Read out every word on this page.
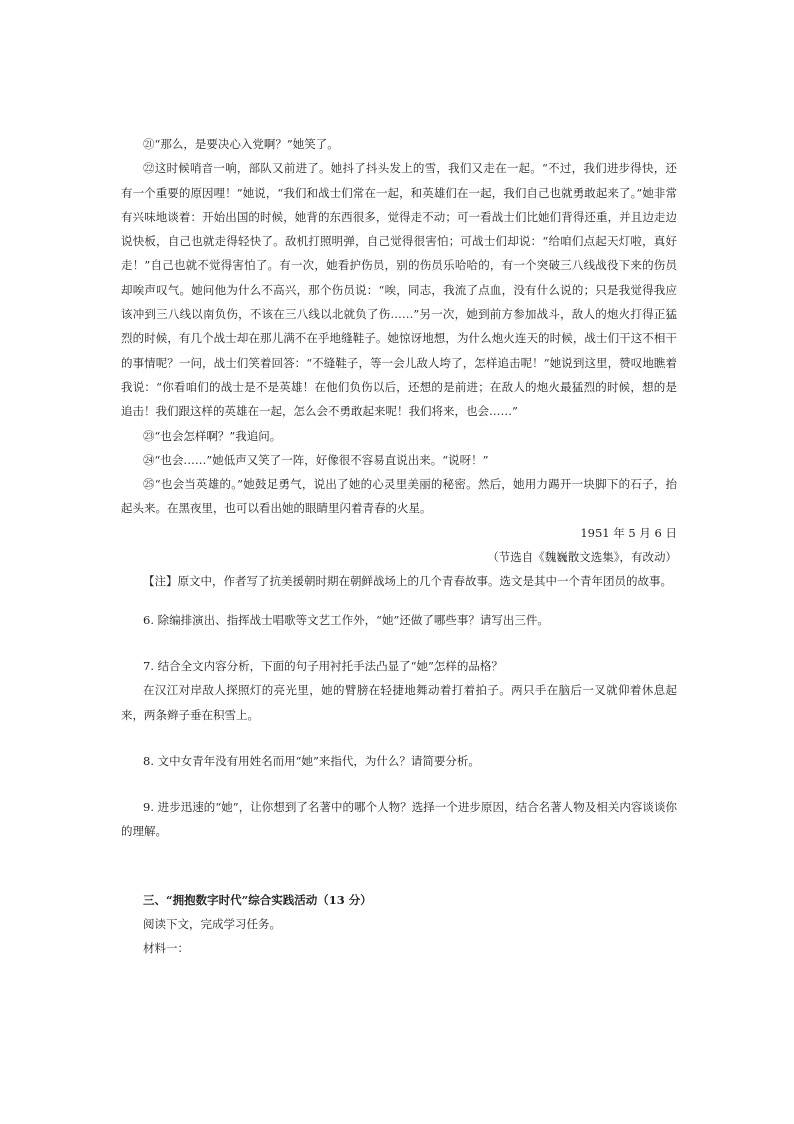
㉑“那么，是要决心入党啊？”她笑了。

㉒这时候哨音一响，部队又前进了。她抖了抖头发上的雪，我们又走在一起。“不过，我们进步得快，还有一个重要的原因哩！”她说，“我们和战士们常在一起，和英雄们在一起，我们自己也就勇敢起来了。”她非常有兴味地谈着：开始出国的时候，她背的东西很多，觉得走不动；可一看战士们比她们背得还重，并且边走边说快板，自己也就走得轻快了。敌机打照明弹，自己觉得很害怕；可战士们却说：“给咱们点起天灯啦，真好走！”自己也就不觉得害怕了。有一次，她看护伤员，别的伤员乐哈哈的，有一个突破三八线战役下来的伤员却唉声叹气。她问他为什么不高兴，那个伤员说：“唉，同志，我流了点血，没有什么说的；只是我觉得我应该冲到三八线以南负伤，不该在三八线以北就负了伤……”另一次，她到前方参加战斗，敌人的炮火打得正猛烈的时候，有几个战士却在那儿满不在乎地缝鞋子。她惊讶地想，为什么炮火连天的时候，战士们干这不相干的事情呢？一问，战士们笑着回答：“不缝鞋子，等一会儿敌人垮了，怎样追击呢！”她说到这里，赞叹地瞧着我说：“你看咱们的战士是不是英雄！在他们负伤以后，还想的是前进；在敌人的炮火最猛烈的时候，想的是追击！我们跟这样的英雄在一起，怎么会不勇敢起来呢！我们将来，也会……”

㉓“也会怎样啊？”我追问。

㉔“也会……”她低声又笑了一阵，好像很不容易直说出来。“说呀！”

㉕“也会当英雄的。”她鼓足勇气，说出了她的心灵里美丽的秘密。然后，她用力踢开一块脚下的石子，抬起头来。在黑夜里，也可以看出她的眼睛里闪着青春的火星。

1951 年 5 月 6 日

（节选自《魏巍散文选集》，有改动）

【注】原文中，作者写了抗美援朝时期在朝鲜战场上的几个青春故事。选文是其中一个青年团员的故事。

6. 除编排演出、指挥战士唱歌等文艺工作外，“她”还做了哪些事？请写出三件。

7. 结合全文内容分析，下面的句子用衬托手法凸显了“她”怎样的品格？

在汉江对岸敌人探照灯的亮光里，她的臂膀在轻捷地舞动着打着拍子。两只手在脑后一叉就仰着休息起来，两条辫子垂在积雪上。

8. 文中女青年没有用姓名而用“她”来指代，为什么？请简要分析。

9. 进步迅速的“她”，让你想到了名著中的哪个人物？选择一个进步原因，结合名著人物及相关内容谈谈你的理解。

三、“拥抱数字时代”综合实践活动（13 分）

阅读下文，完成学习任务。

材料一：
